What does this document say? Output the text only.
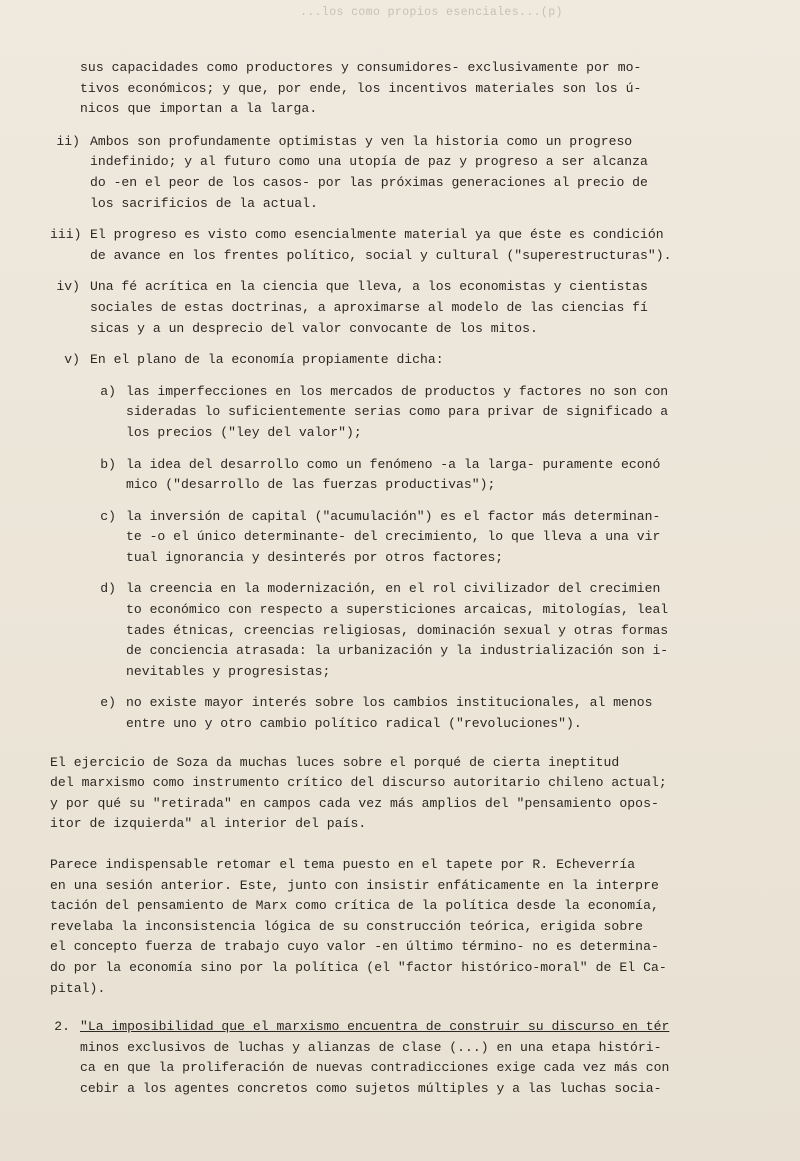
...los como propios esenciales...(p)
sus capacidades como productores y consumidores- exclusivamente por mo-
tivos económicos; y que, por ende, los incentivos materiales son los ú-
nicos que importan a la larga.
ii) Ambos son profundamente optimistas y ven la historia como un progreso
indefinido; y al futuro como una utopía de paz y progreso a ser alcanza
do -en el peor de los casos- por las próximas generaciones al precio de
los sacrificios de la actual.
iii) El progreso es visto como esencialmente material ya que éste es condición
de avance en los frentes político, social y cultural ("superestructuras").
iv) Una fé acrítica en la ciencia que lleva, a los economistas y cientistas
sociales de estas doctrinas, a aproximarse al modelo de las ciencias fí
sicas y a un desprecio del valor convocante de los mitos.
v) En el plano de la economía propiamente dicha:
a) las imperfecciones en los mercados de productos y factores no son con
sideradas lo suficientemente serias como para privar de significado a
los precios ("ley del valor");
b) la idea del desarrollo como un fenómeno -a la larga- puramente econó
mico ("desarrollo de las fuerzas productivas");
c) la inversión de capital ("acumulación") es el factor más determinan-
te -o el único determinante- del crecimiento, lo que lleva a una vir
tual ignorancia y desinterés por otros factores;
d) la creencia en la modernización, en el rol civilizador del crecimien
to económico con respecto a supersticiones arcaicas, mitologías, leal
tades étnicas, creencias religiosas, dominación sexual y otras formas
de conciencia atrasada: la urbanización y la industrialización son i-
nevitables y progresistas;
e) no existe mayor interés sobre los cambios institucionales, al menos
entre uno y otro cambio político radical ("revoluciones").
El ejercicio de Soza da muchas luces sobre el porqué de cierta ineptitud
del marxismo como instrumento crítico del discurso autoritario chileno actual;
y por qué su "retirada" en campos cada vez más amplios del "pensamiento opos-
itor de izquierda" al interior del país.
Parece indispensable retomar el tema puesto en el tapete por R. Echeverría
en una sesión anterior. Este, junto con insistir enfáticamente en la interpre
tación del pensamiento de Marx como crítica de la política desde la economía,
revelaba la inconsistencia lógica de su construcción teórica, erigida sobre
el concepto fuerza de trabajo cuyo valor -en último término- no es determina-
do por la economía sino por la política (el "factor histórico-moral" de El Ca-
pital).
2. "La imposibilidad que el marxismo encuentra de construir su discurso en tér
minos exclusivos de luchas y alianzas de clase (...) en una etapa históri-
ca en que la proliferación de nuevas contradicciones exige cada vez más con
cebir a los agentes concretos como sujetos múltiples y a las luchas socia-
